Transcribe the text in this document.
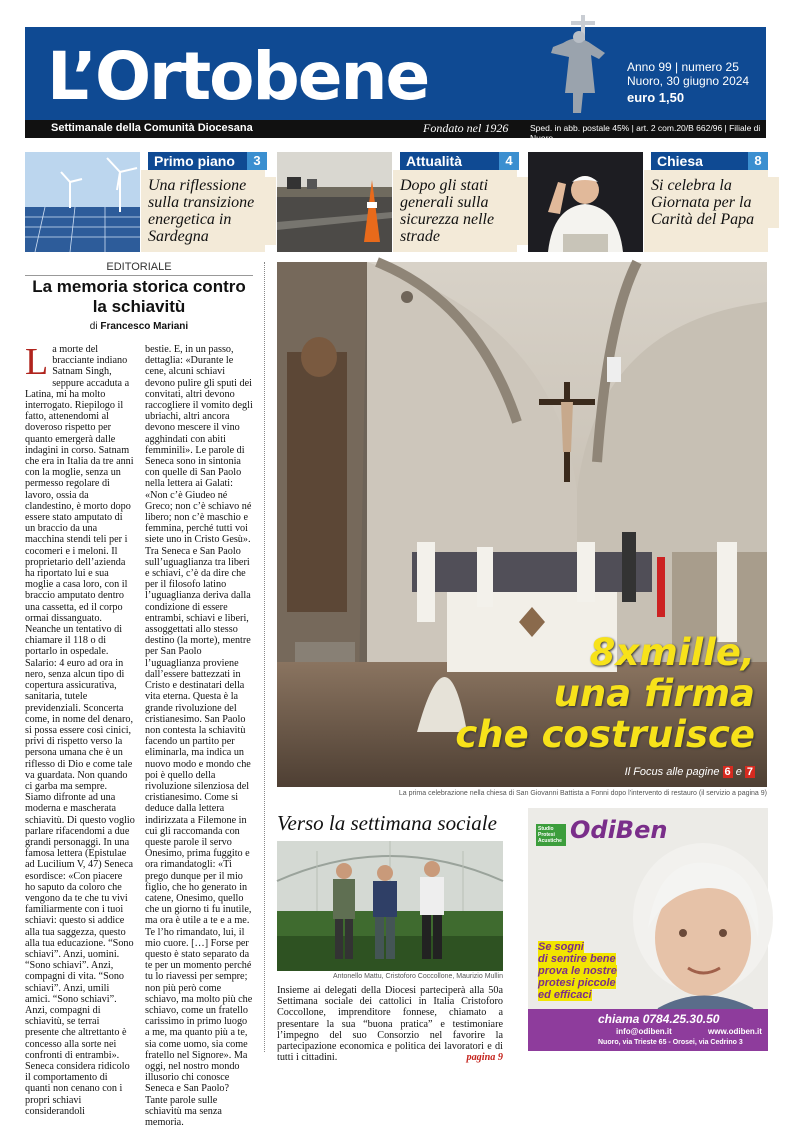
L’Ortobene	Anno 99 | numero 25
Nuoro, 30 giugno 2024
euro 1,50
Settimanale della Comunità Diocesana	Fondato nel 1926	Sped. in abb. postale 45% | art. 2 com.20/B 662/96 | Filiale di Nuoro
Primo piano	3
Una riflessione sulla transizione energetica in Sardegna
Attualità	4
Dopo gli stati generali sulla sicurezza nelle strade
Chiesa	8
Si celebra la Giornata per la Carità del Papa
EDITORIALE
La memoria storica contro la schiavitù
di Francesco Mariani
La morte del bracciante indiano Satnam Singh, seppure accaduta a Latina, mi ha molto interrogato. Riepilogo il fatto, attenendomi al doveroso rispetto per quanto emergerà dalle indagini in corso. Satnam che era in Italia da tre anni con la moglie, senza un permesso regolare di lavoro, ossia da clandestino, è morto dopo essere stato amputato di un braccio da una macchina stendi teli per i cocomeri e i meloni. Il proprietario dell’azienda ha riportato lui e sua moglie a casa loro, con il braccio amputato dentro una cassetta, ed il corpo ormai dissanguato. Neanche un tentativo di chiamare il 118 o di portarlo in ospedale. Salario: 4 euro ad ora in nero, senza alcun tipo di copertura assicurativa, sanitaria, tutele previdenziali. Sconcerta come, in nome del denaro, si possa essere così cinici, privi di rispetto verso la persona umana che è un riflesso di Dio e come tale va guardata. Non quando ci garba ma sempre. Siamo difronte ad una moderna e mascherata schiavitù. Di questo voglio parlare rifacendomi a due grandi personaggi. In una famosa lettera (Epistulae ad Lucilium V, 47) Seneca esordisce: «Con piacere ho saputo da coloro che vengono da te che tu vivi familiarmente con i tuoi schiavi: questo si addice alla tua saggezza, questo alla tua educazione. “Sono schiavi”. Anzi, uomini. “Sono schiavi”. Anzi, compagni di vita. “Sono schiavi”. Anzi, umili amici. “Sono schiavi”. Anzi, compagni di schiavitù, se terrai presente che altrettanto è concesso alla sorte nei confronti di entrambi». Seneca considera ridicolo il comportamento di quanti non cenano con i propri schiavi considerandoli
bestie. E, in un passo, dettaglia: «Durante le cene, alcuni schiavi devono pulire gli sputi dei convitati, altri devono raccogliere il vomito degli ubriachi, altri ancora devono mescere il vino agghindati con abiti femminili». Le parole di Seneca sono in sintonia con quelle di San Paolo nella lettera ai Galati: «Non c’è Giudeo né Greco; non c’è schiavo né libero; non c’è maschio e femmina, perché tutti voi siete uno in Cristo Gesù». Tra Seneca e San Paolo sull’uguaglianza tra liberi e schiavi, c’è da dire che per il filosofo latino l’uguaglianza deriva dalla condizione di essere entrambi, schiavi e liberi, assoggettati allo stesso destino (la morte), mentre per San Paolo l’uguaglianza proviene dall’essere battezzati in Cristo e destinatari della vita eterna. Questa è la grande rivoluzione del cristianesimo. San Paolo non contesta la schiavitù facendo un partito per eliminarla, ma indica un nuovo modo e mondo che poi è quello della rivoluzione silenziosa del cristianesimo. Come si deduce dalla lettera indirizzata a Filemone in cui gli raccomanda con queste parole il servo Onesimo, prima fuggito e ora rimandatogli: «Ti prego dunque per il mio figlio, che ho generato in catene, Onesimo, quello che un giorno ti fu inutile, ma ora è utile a te e a me. Te l’ho rimandato, lui, il mio cuore. […] Forse per questo è stato separato da te per un momento perché tu lo riavessi per sempre; non più però come schiavo, ma molto più che schiavo, come un fratello carissimo in primo luogo a me, ma quanto più a te, sia come uomo, sia come fratello nel Signore». Ma oggi, nel nostro mondo illusorio chi conosce Seneca e San Paolo? Tante parole sulle schiavitù ma senza memoria.
8xmille,
una firma
che costruisce
Il Focus alle pagine 6 e 7
La prima celebrazione nella chiesa di San Giovanni Battista a Fonni dopo l’intervento di restauro (il servizio a pagina 9)
Verso la settimana sociale
Antonello Mattu, Cristoforo Coccollone, Maurizio Mullin
Insieme ai delegati della Diocesi parteciperà alla 50a Settimana sociale dei cattolici in Italia Cristoforo Coccollone, imprenditore fonnese, chiamato a presentare la sua “buona pratica” e testimoniare l’impegno del suo Consorzio nel favorire la partecipazione economica e politica dei lavoratori e di tutti i cittadini.	pagina 9
Studio Protesi Acustiche OdiBen
Se sogni
di sentire bene
prova le nostre
protesi piccole
ed efficaci
chiama 0784.25.30.50
info@odiben.it	www.odiben.it
Nuoro, via Trieste 65 - Orosei, via Cedrino 3
